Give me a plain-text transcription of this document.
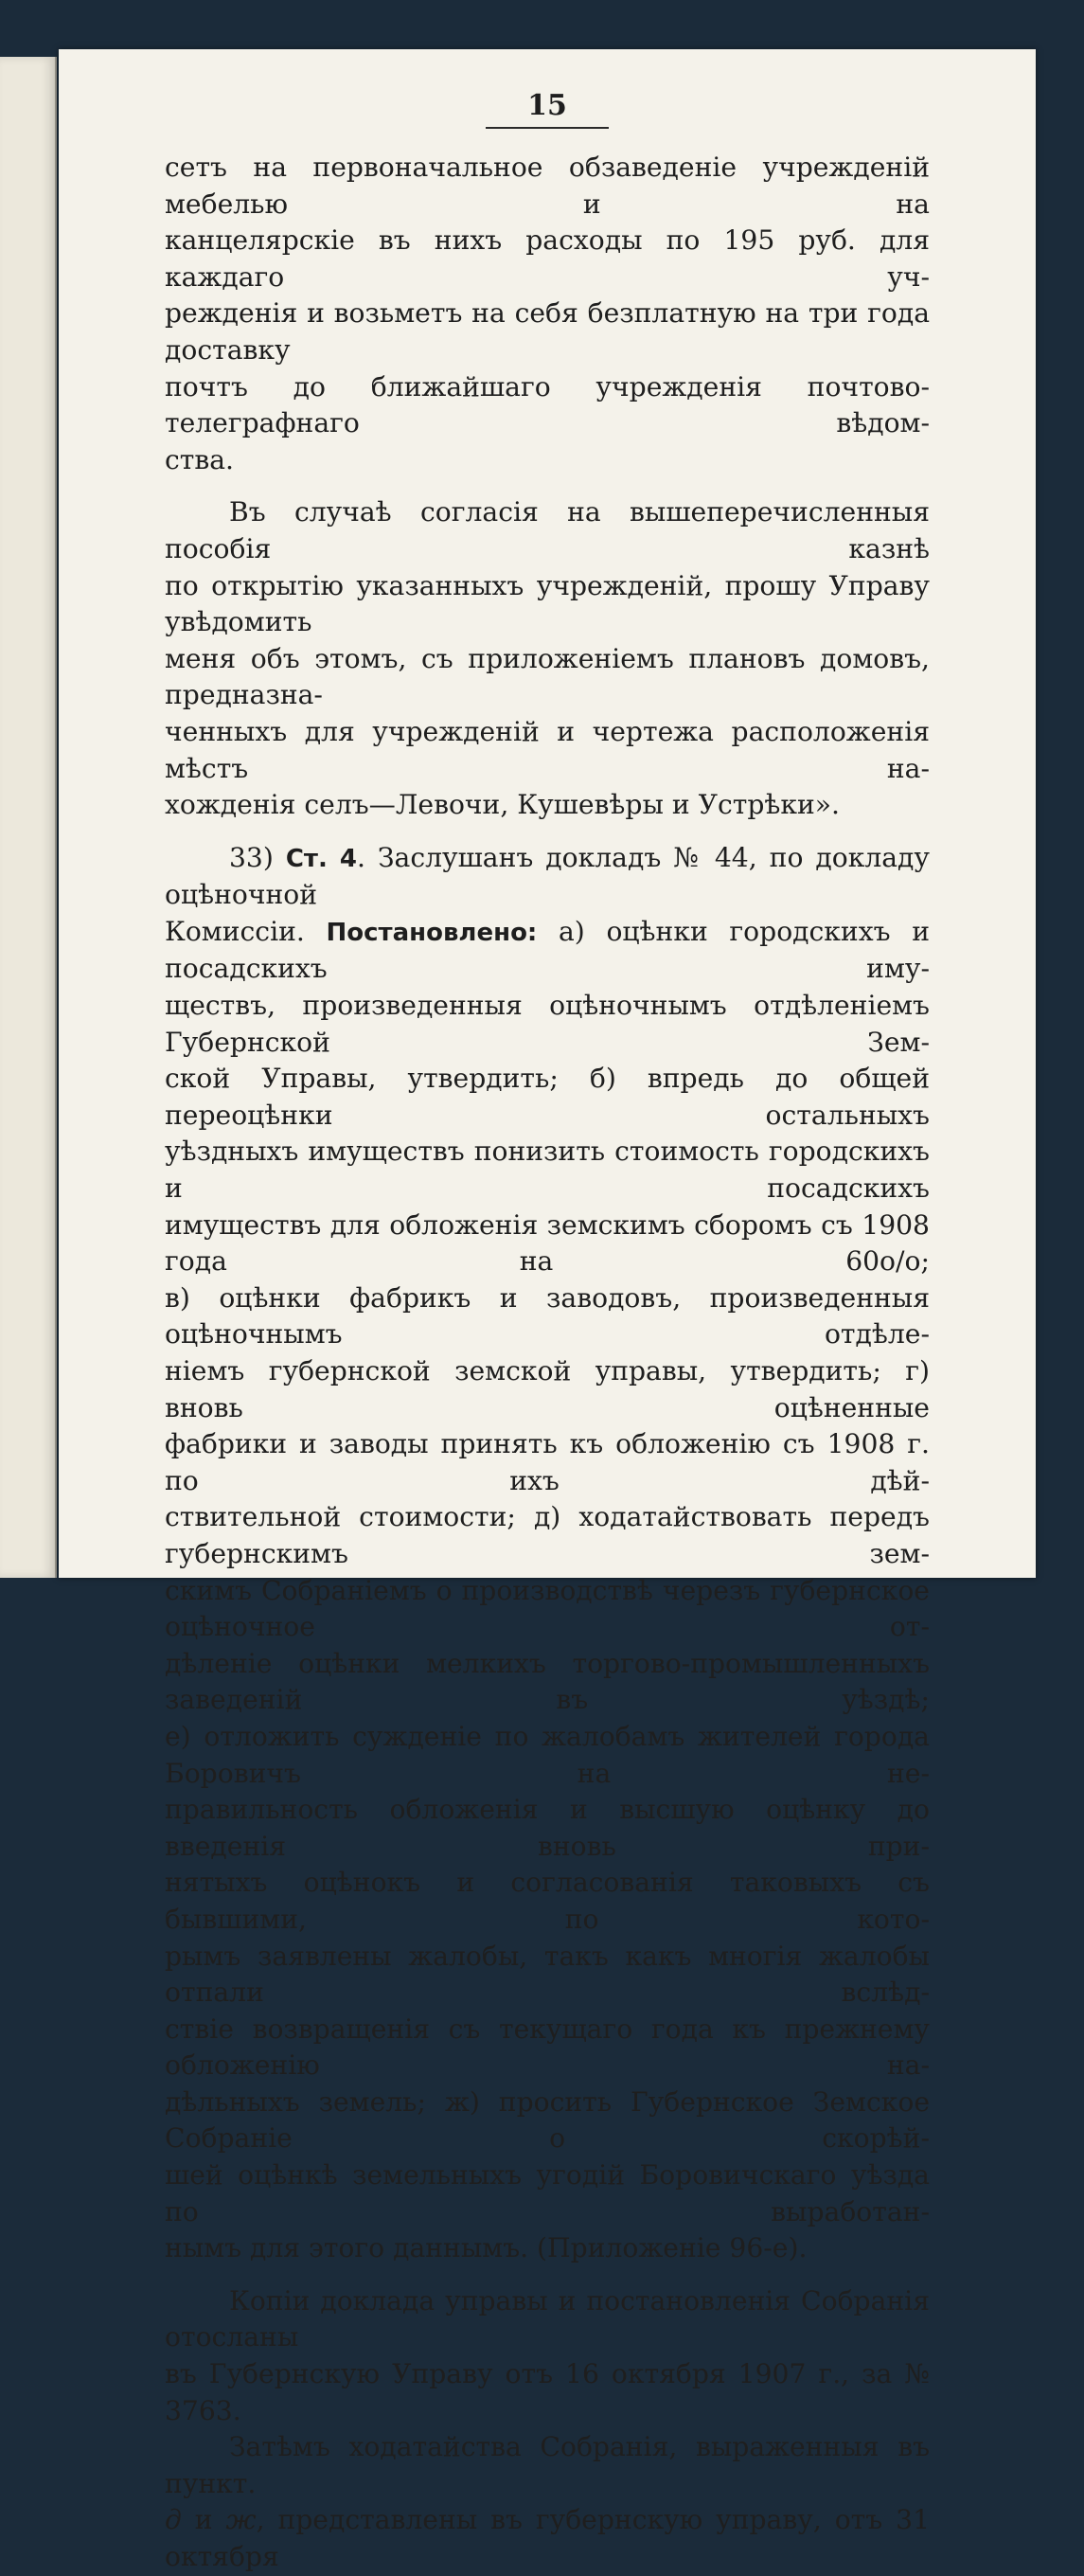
15

сетъ на первоначальное обзаведеніе учрежденій мебелью и на

канцелярскіе въ нихъ расходы по 195 руб. для каждаго уч-

режденія и возьметъ на себя безплатную на три года доставку

почтъ до ближайшаго учрежденія почтово-телеграфнаго вѣдом-

ства.

Въ случаѣ согласія на вышеперечисленныя пособія казнѣ

по открытію указанныхъ учрежденій, прошу Управу увѣдомить

меня объ этомъ, съ приложеніемъ плановъ домовъ, предназна-

ченныхъ для учрежденій и чертежа расположенія мѣстъ на-

хожденія селъ—Левочи, Кушевѣры и Устрѣки».

33) Ст. 4. Заслушанъ докладъ № 44, по докладу оцѣночной

Комиссіи. Постановлено: а) оцѣнки городскихъ и посадскихъ иму-

ществъ, произведенныя оцѣночнымъ отдѣленіемъ Губернской Зем-

ской Управы, утвердить; б) впредь до общей переоцѣнки остальныхъ

уѣздныхъ имуществъ понизить стоимость городскихъ и посадскихъ

имуществъ для обложенія земскимъ сборомъ съ 1908 года на 60о/о;

в) оцѣнки фабрикъ и заводовъ, произведенныя оцѣночнымъ отдѣле-

ніемъ губернской земской управы, утвердить; г) вновь оцѣненные

фабрики и заводы принять къ обложенію съ 1908 г. по ихъ дѣй-

ствительной стоимости; д) ходатайствовать передъ губернскимъ зем-

скимъ Собраніемъ о производствѣ черезъ губернское оцѣночное от-

дѣленіе оцѣнки мелкихъ торгово-промышленныхъ заведеній въ уѣздѣ;

е) отложить сужденіе по жалобамъ жителей города Боровичъ на не-

правильность обложенія и высшую оцѣнку до введенія вновь при-

нятыхъ оцѣнокъ и согласованія таковыхъ съ бывшими, по кото-

рымъ заявлены жалобы, такъ какъ многія жалобы отпали вслѣд-

ствіе возвращенія съ текущаго года къ прежнему обложенію на-

дѣльныхъ земель; ж) просить Губернское Земское Собраніе о скорѣй-

шей оцѣнкѣ земельныхъ угодій Боровичскаго уѣзда по выработан-

нымъ для этого даннымъ. (Приложеніе 96-е).

Копіи доклада управы и постановленія Собранія отосланы

въ Губернскую Управу отъ 16 октября 1907 г., за № 3763.

Затѣмъ ходатайства Собранія, выраженныя въ пункт.

д и ж, представлены въ губернскую управу, отъ 31 октября
